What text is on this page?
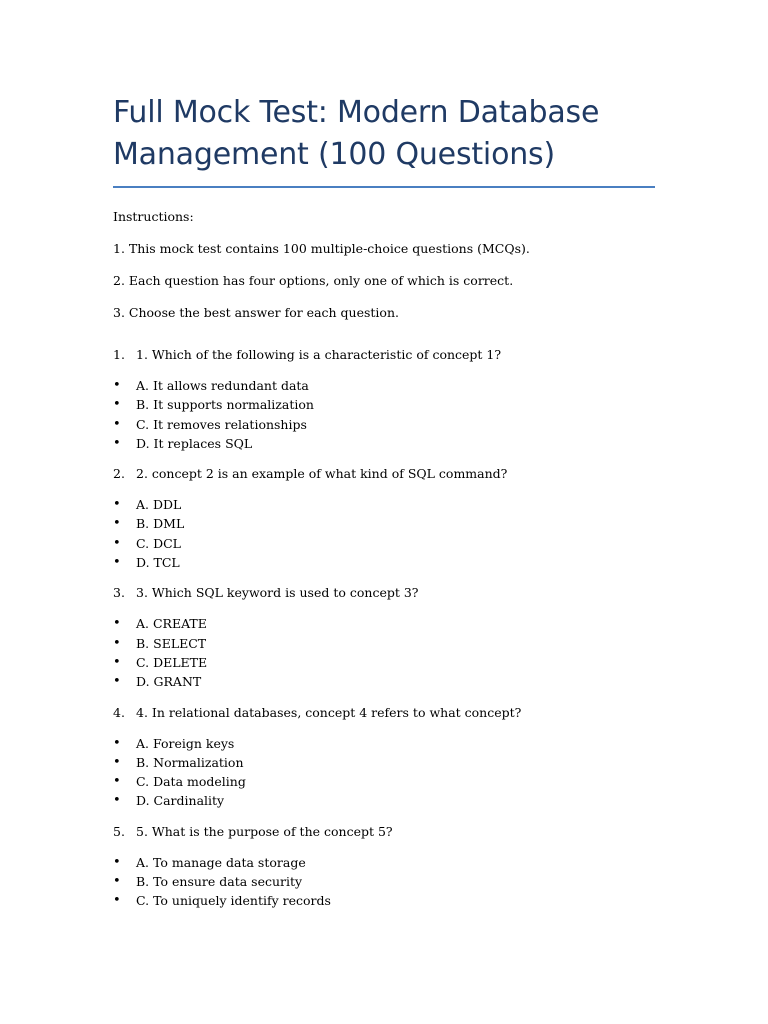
Full Mock Test: Modern Database Management (100 Questions)

Instructions:

1. This mock test contains 100 multiple-choice questions (MCQs).

2. Each question has four options, only one of which is correct.

3. Choose the best answer for each question.

1. 1. Which of the following is a characteristic of concept 1?

• A. It allows redundant data
• B. It supports normalization
• C. It removes relationships
• D. It replaces SQL

2. 2. concept 2 is an example of what kind of SQL command?

• A. DDL
• B. DML
• C. DCL
• D. TCL

3. 3. Which SQL keyword is used to concept 3?

• A. CREATE
• B. SELECT
• C. DELETE
• D. GRANT

4. 4. In relational databases, concept 4 refers to what concept?

• A. Foreign keys
• B. Normalization
• C. Data modeling
• D. Cardinality

5. 5. What is the purpose of the concept 5?

• A. To manage data storage
• B. To ensure data security
• C. To uniquely identify records
